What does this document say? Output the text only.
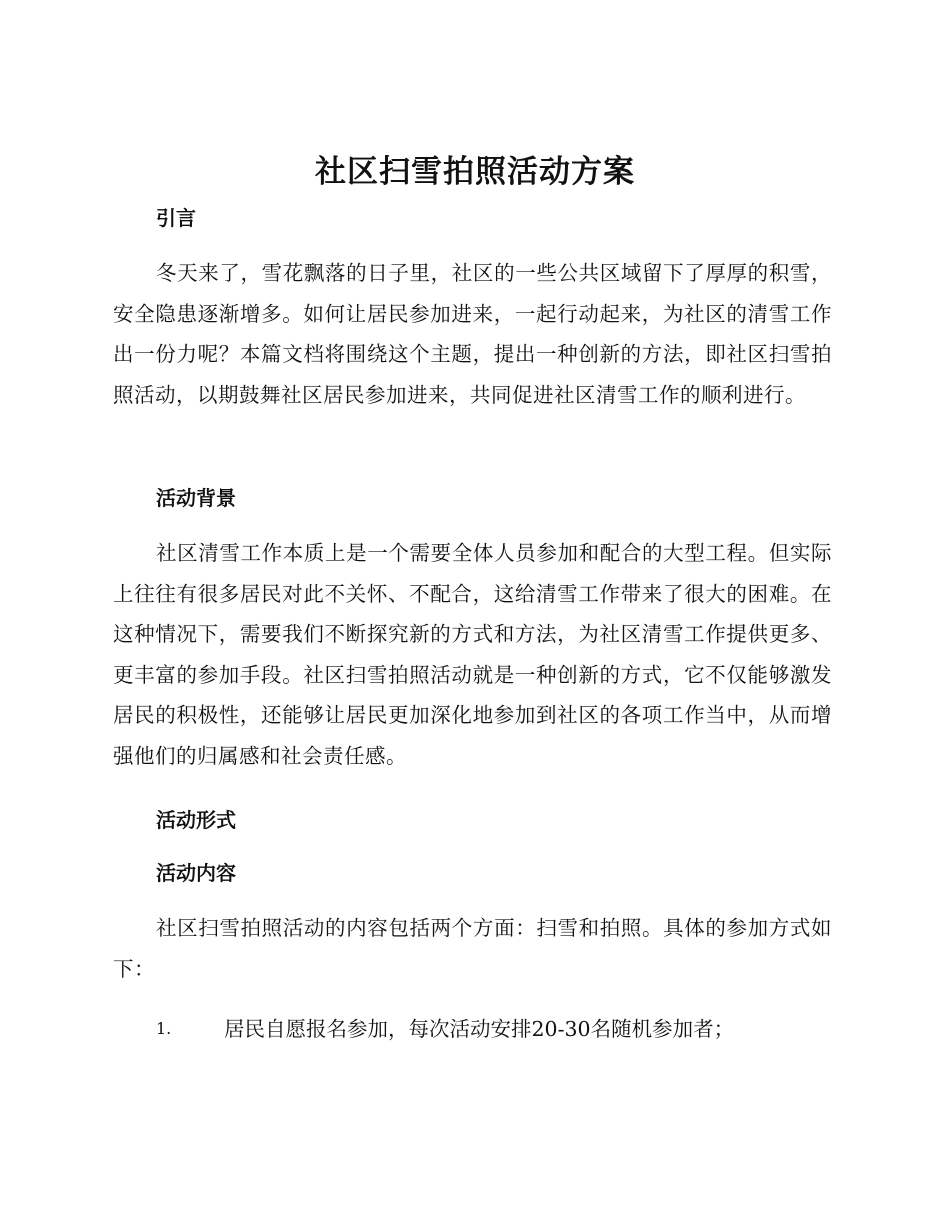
社区扫雪拍照活动方案
引言

冬天来了，雪花飘落的日子里，社区的一些公共区域留下了厚厚的积雪，安全隐患逐渐增多。如何让居民参加进来，一起行动起来，为社区的清雪工作出一份力呢？本篇文档将围绕这个主题，提出一种创新的方法，即社区扫雪拍照活动，以期鼓舞社区居民参加进来，共同促进社区清雪工作的顺利进行。

活动背景

社区清雪工作本质上是一个需要全体人员参加和配合的大型工程。但实际上往往有很多居民对此不关怀、不配合，这给清雪工作带来了很大的困难。在这种情况下，需要我们不断探究新的方式和方法，为社区清雪工作提供更多、更丰富的参加手段。社区扫雪拍照活动就是一种创新的方式，它不仅能够激发居民的积极性，还能够让居民更加深化地参加到社区的各项工作当中，从而增强他们的归属感和社会责任感。

活动形式
活动内容

社区扫雪拍照活动的内容包括两个方面：扫雪和拍照。具体的参加方式如下：

1.	居民自愿报名参加，每次活动安排20-30名随机参加者；
